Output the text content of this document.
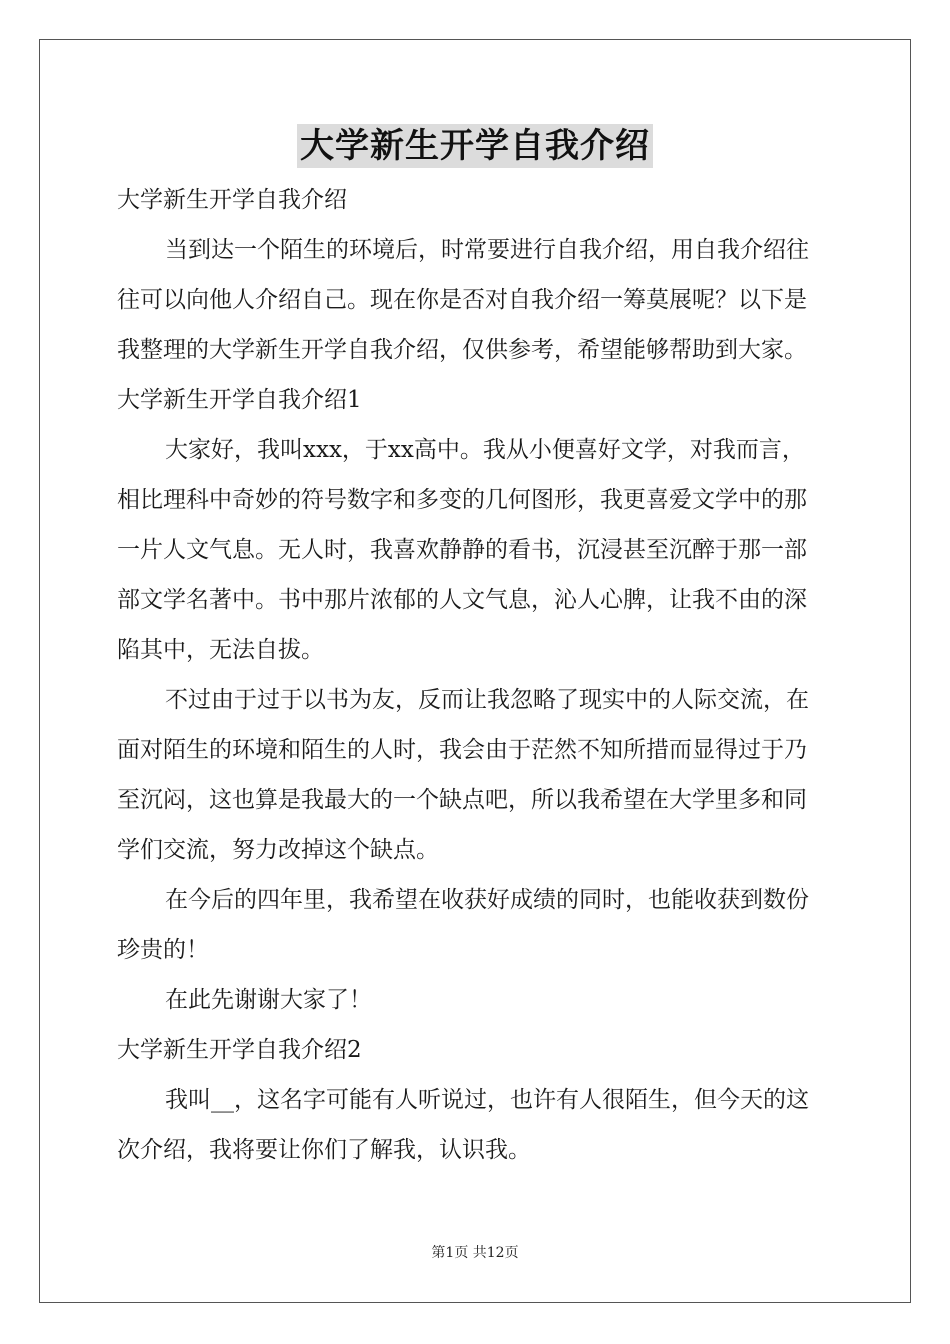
大学新生开学自我介绍
大学新生开学自我介绍
当到达一个陌生的环境后，时常要进行自我介绍，用自我介绍往
往可以向他人介绍自己。现在你是否对自我介绍一筹莫展呢？以下是
我整理的大学新生开学自我介绍，仅供参考，希望能够帮助到大家。
大学新生开学自我介绍1
大家好，我叫xxx，于xx高中。我从小便喜好文学，对我而言，
相比理科中奇妙的符号数字和多变的几何图形，我更喜爱文学中的那
一片人文气息。无人时，我喜欢静静的看书，沉浸甚至沉醉于那一部
部文学名著中。书中那片浓郁的人文气息，沁人心脾，让我不由的深
陷其中，无法自拔。
不过由于过于以书为友，反而让我忽略了现实中的人际交流，在
面对陌生的环境和陌生的人时，我会由于茫然不知所措而显得过于乃
至沉闷，这也算是我最大的一个缺点吧，所以我希望在大学里多和同
学们交流，努力改掉这个缺点。
在今后的四年里，我希望在收获好成绩的同时，也能收获到数份
珍贵的！
在此先谢谢大家了！
大学新生开学自我介绍2
我叫__，这名字可能有人听说过，也许有人很陌生，但今天的这
次介绍，我将要让你们了解我，认识我。
第1页 共12页
